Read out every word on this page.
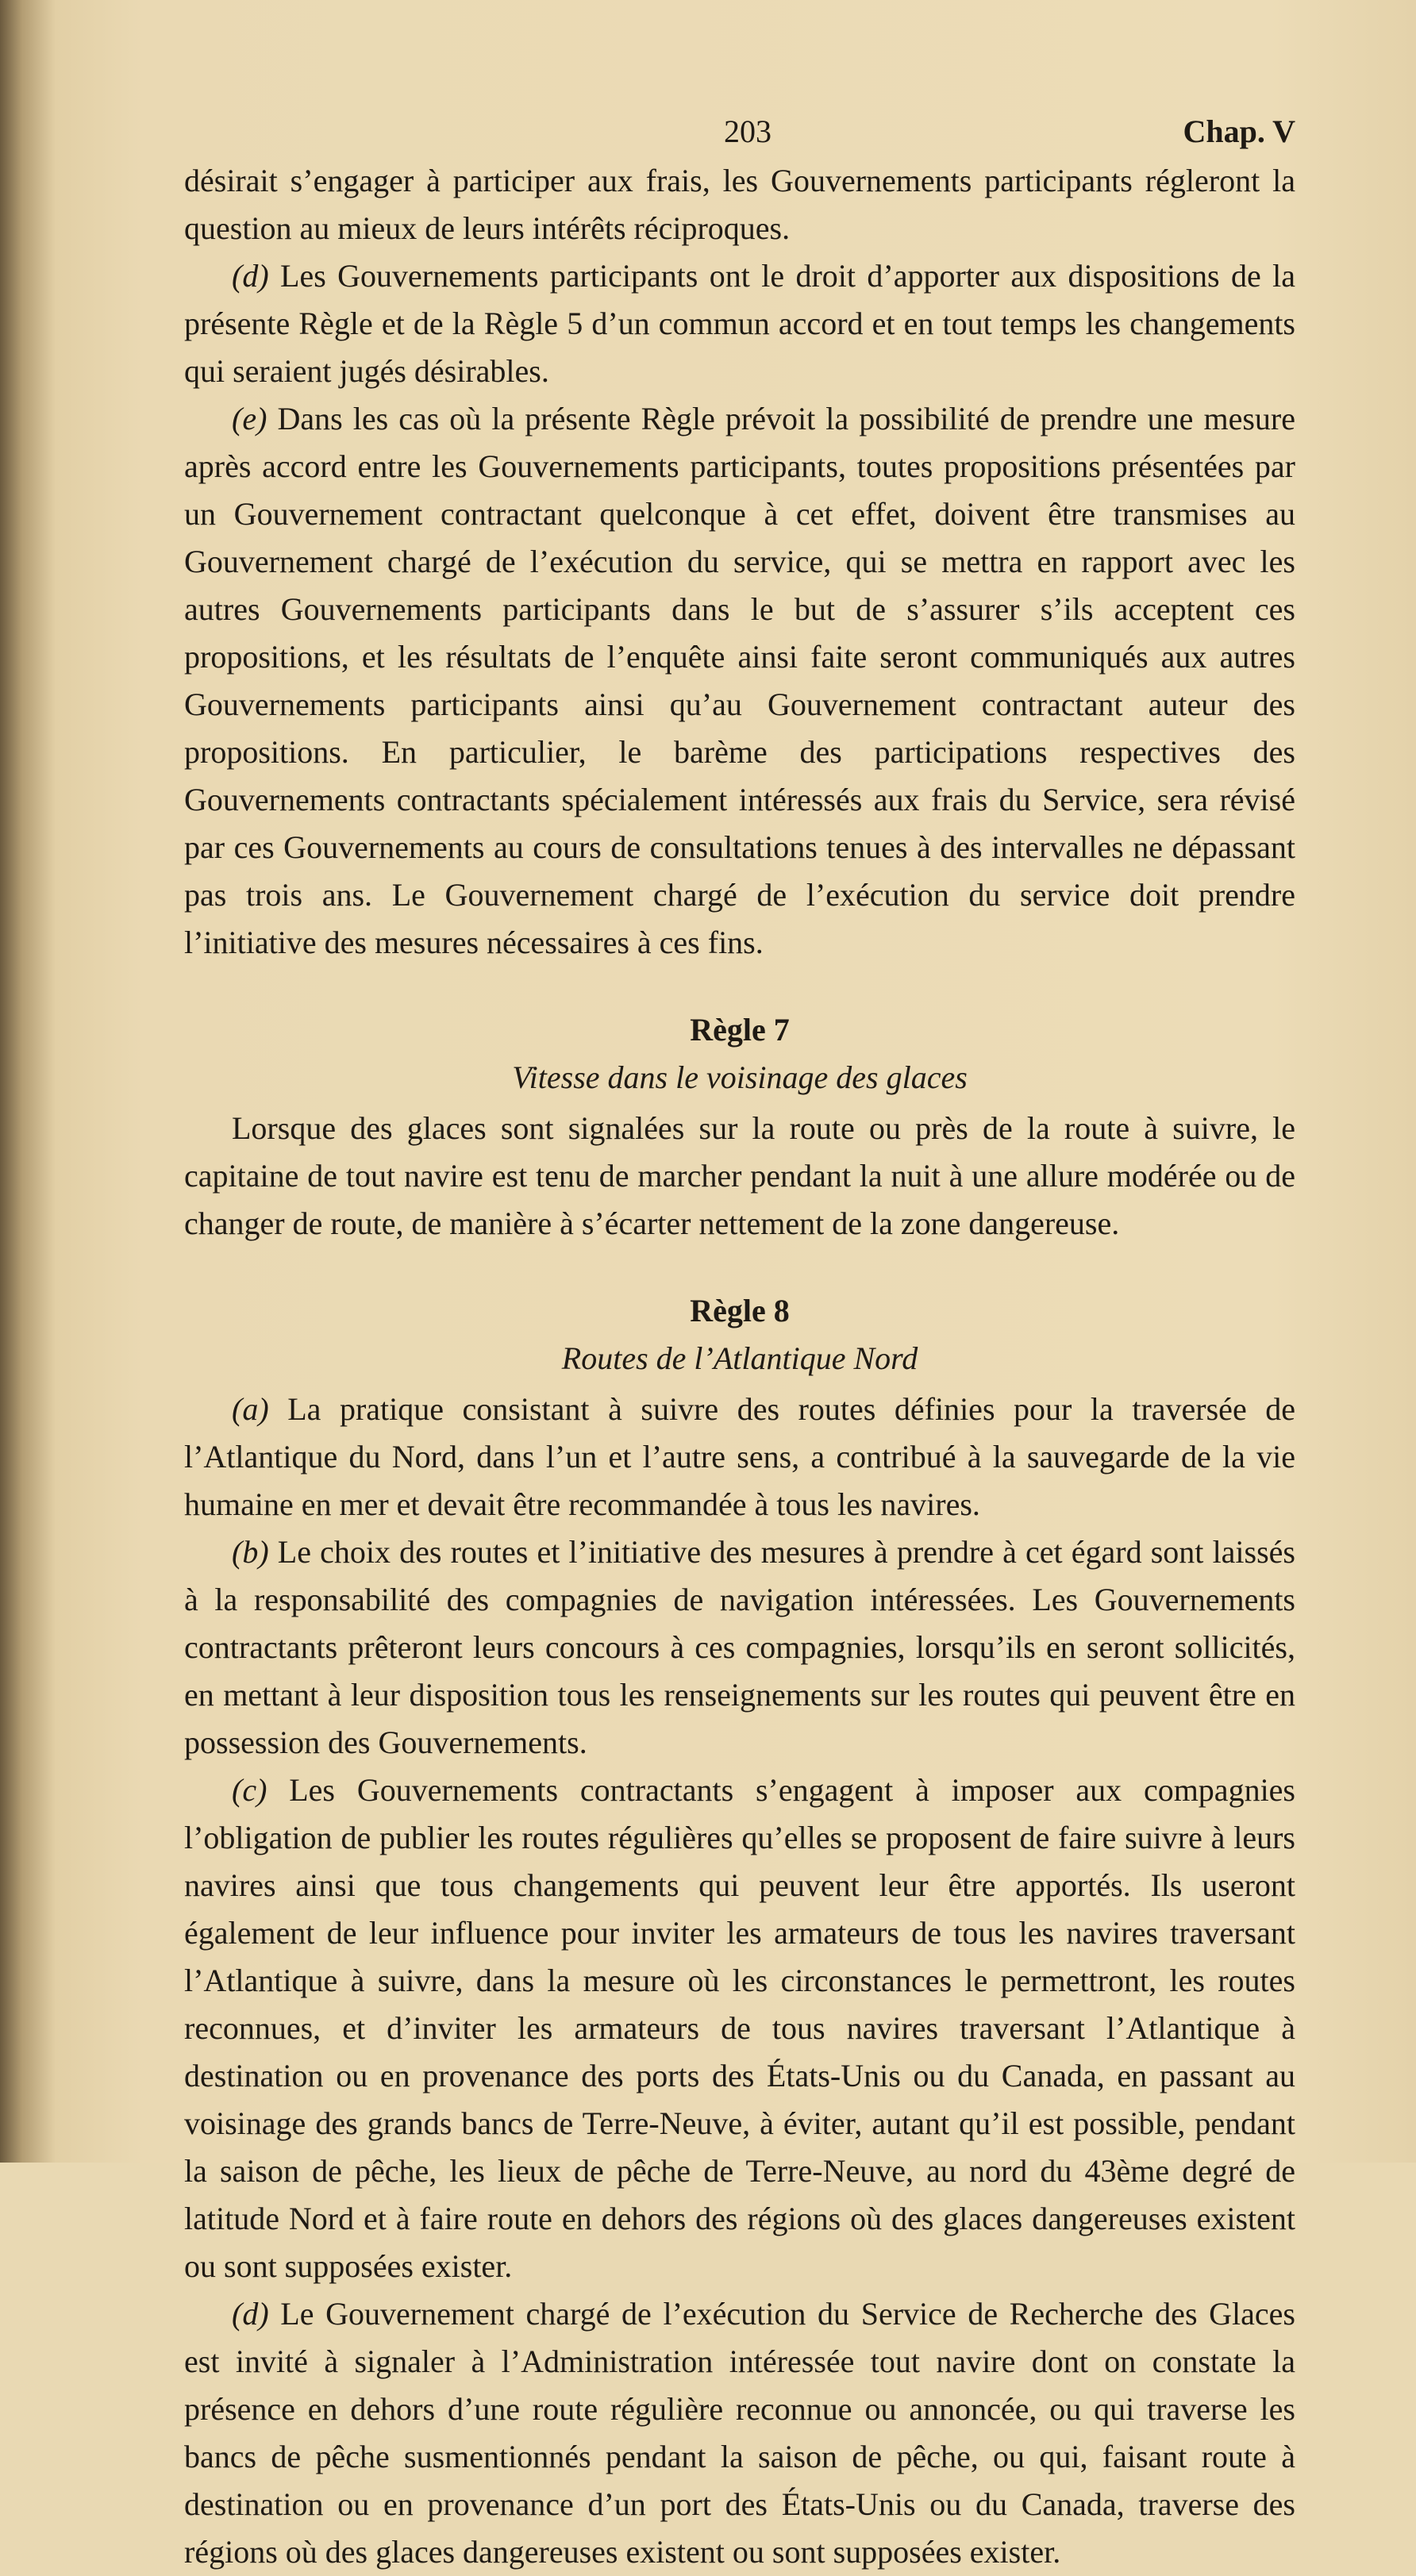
203	Chap. V

désirait s’engager à participer aux frais, les Gouvernements participants régleront la question au mieux de leurs intérêts réciproques.

(d) Les Gouvernements participants ont le droit d’apporter aux dispositions de la présente Règle et de la Règle 5 d’un commun accord et en tout temps les changements qui seraient jugés désirables.

(e) Dans les cas où la présente Règle prévoit la possibilité de prendre une mesure après accord entre les Gouvernements participants, toutes propositions présentées par un Gouvernement contractant quelconque à cet effet, doivent être transmises au Gouvernement chargé de l’exécution du service, qui se mettra en rapport avec les autres Gouvernements participants dans le but de s’assurer s’ils acceptent ces propositions, et les résultats de l’enquête ainsi faite seront communiqués aux autres Gouvernements participants ainsi qu’au Gouvernement contractant auteur des propositions. En particulier, le barème des participations respectives des Gouvernements contractants spécialement intéressés aux frais du Service, sera révisé par ces Gouvernements au cours de consultations tenues à des intervalles ne dépassant pas trois ans. Le Gouvernement chargé de l’exécution du service doit prendre l’initiative des mesures nécessaires à ces fins.

Règle 7

Vitesse dans le voisinage des glaces

Lorsque des glaces sont signalées sur la route ou près de la route à suivre, le capitaine de tout navire est tenu de marcher pendant la nuit à une allure modérée ou de changer de route, de manière à s’écarter nettement de la zone dangereuse.

Règle 8

Routes de l’Atlantique Nord

(a) La pratique consistant à suivre des routes définies pour la traversée de l’Atlantique du Nord, dans l’un et l’autre sens, a contribué à la sauvegarde de la vie humaine en mer et devait être recommandée à tous les navires.

(b) Le choix des routes et l’initiative des mesures à prendre à cet égard sont laissés à la responsabilité des compagnies de navigation intéressées. Les Gouvernements contractants prêteront leurs concours à ces compagnies, lorsqu’ils en seront sollicités, en mettant à leur disposition tous les renseignements sur les routes qui peuvent être en possession des Gouvernements.

(c) Les Gouvernements contractants s’engagent à imposer aux compagnies l’obligation de publier les routes régulières qu’elles se proposent de faire suivre à leurs navires ainsi que tous changements qui peuvent leur être apportés. Ils useront également de leur influence pour inviter les armateurs de tous les navires traversant l’Atlantique à suivre, dans la mesure où les circonstances le permettront, les routes reconnues, et d’inviter les armateurs de tous navires traversant l’Atlantique à destination ou en provenance des ports des États-Unis ou du Canada, en passant au voisinage des grands bancs de Terre-Neuve, à éviter, autant qu’il est possible, pendant la saison de pêche, les lieux de pêche de Terre-Neuve, au nord du 43ème degré de latitude Nord et à faire route en dehors des régions où des glaces dangereuses existent ou sont supposées exister.

(d) Le Gouvernement chargé de l’exécution du Service de Recherche des Glaces est invité à signaler à l’Administration intéressée tout navire dont on constate la présence en dehors d’une route régulière reconnue ou annoncée, ou qui traverse les bancs de pêche susmentionnés pendant la saison de pêche, ou qui, faisant route à destination ou en provenance d’un port des États-Unis ou du Canada, traverse des régions où des glaces dangereuses existent ou sont supposées exister.
